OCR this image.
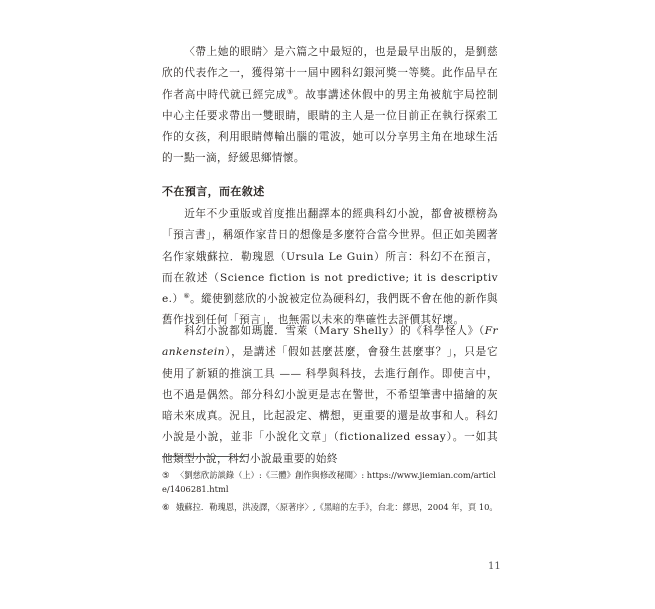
〈帶上她的眼睛〉是六篇之中最短的，也是最早出版的，是劉慈欣的代表作之一，獲得第十一屆中國科幻銀河獎一等獎。此作品早在作者高中時代就已經完成⑤。故事講述休假中的男主角被航宇局控制中心主任要求帶出一雙眼睛，眼睛的主人是一位目前正在執行探索工作的女孩，利用眼睛傳輸出腦的電波，她可以分享男主角在地球生活的一點一滴，紓緩思鄉情懷。

不在預言，而在敘述

近年不少重版或首度推出翻譯本的經典科幻小說，都會被標榜為「預言書」，稱頌作家昔日的想像是多麼符合當今世界。但正如美國著名作家娥蘇拉．勒瑰恩（Ursula Le Guin）所言：科幻不在預言，而在敘述（Science fiction is not predictive; it is descriptive.）⑥。縱使劉慈欣的小說被定位為硬科幻，我們既不會在他的新作與舊作找到任何「預言」，也無需以未來的準確性去評價其好壞。

科幻小說都如瑪麗．雪萊（Mary Shelly）的《科學怪人》（Frankenstein），是講述「假如甚麼甚麼，會發生甚麼事？」，只是它使用了新穎的推演工具 —— 科學與科技，去進行創作。即使言中，也不過是偶然。部分科幻小說更是志在警世，不希望筆書中描繪的灰暗未來成真。況且，比起設定、構想，更重要的還是故事和人。科幻小說是小說，並非「小說化文章」（fictionalized essay）。一如其他類型小說，科幻小說最重要的始終

⑤ 〈劉慈欣訪談錄（上）:《三體》創作與修改秘聞〉: https://www.jiemian.com/article/1406281.html

⑥ 娥蘇拉．勒瑰恩，洪凌譯，〈原著序〉,《黑暗的左手》，台北：繆思，2004 年，頁 10。

11
